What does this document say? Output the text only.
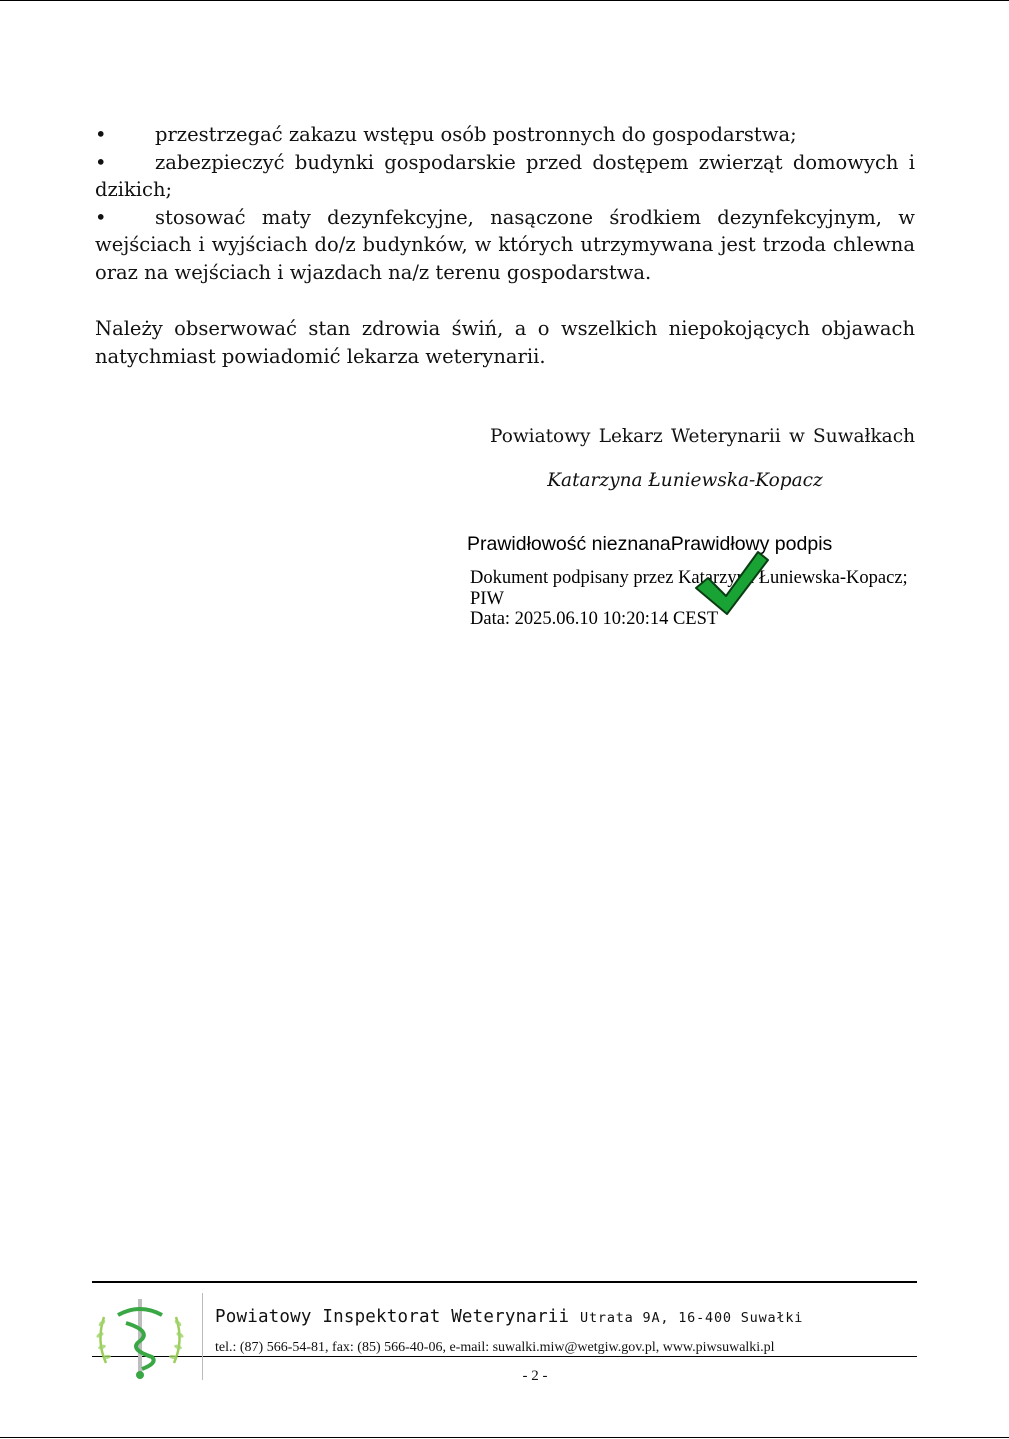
• przestrzegać zakazu wstępu osób postronnych do gospodarstwa;

• zabezpieczyć budynki gospodarskie przed dostępem zwierząt domowych i dzikich;

• stosować maty dezynfekcyjne, nasączone środkiem dezynfekcyjnym, w wejściach i wyjściach do/z budynków, w których utrzymywana jest trzoda chlewna oraz na wejściach i wjazdach na/z terenu gospodarstwa.

Należy obserwować stan zdrowia świń, a o wszelkich niepokojących objawach natychmiast powiadomić lekarza weterynarii.

Powiatowy Lekarz Weterynarii w Suwałkach
Katarzyna Łuniewska-Kopacz
Prawidłowość nieznanaPrawidłowy podpis
Dokument podpisany przez Katarzyna Łuniewska-Kopacz;
PIW
Data: 2025.06.10 10:20:14 CEST
Powiatowy Inspektorat Weterynarii Utrata 9A, 16-400 Suwałki
tel.: (87) 566-54-81, fax: (85) 566-40-06, e-mail: suwalki.miw@wetgiw.gov.pl, www.piwsuwalki.pl
- 2 -
